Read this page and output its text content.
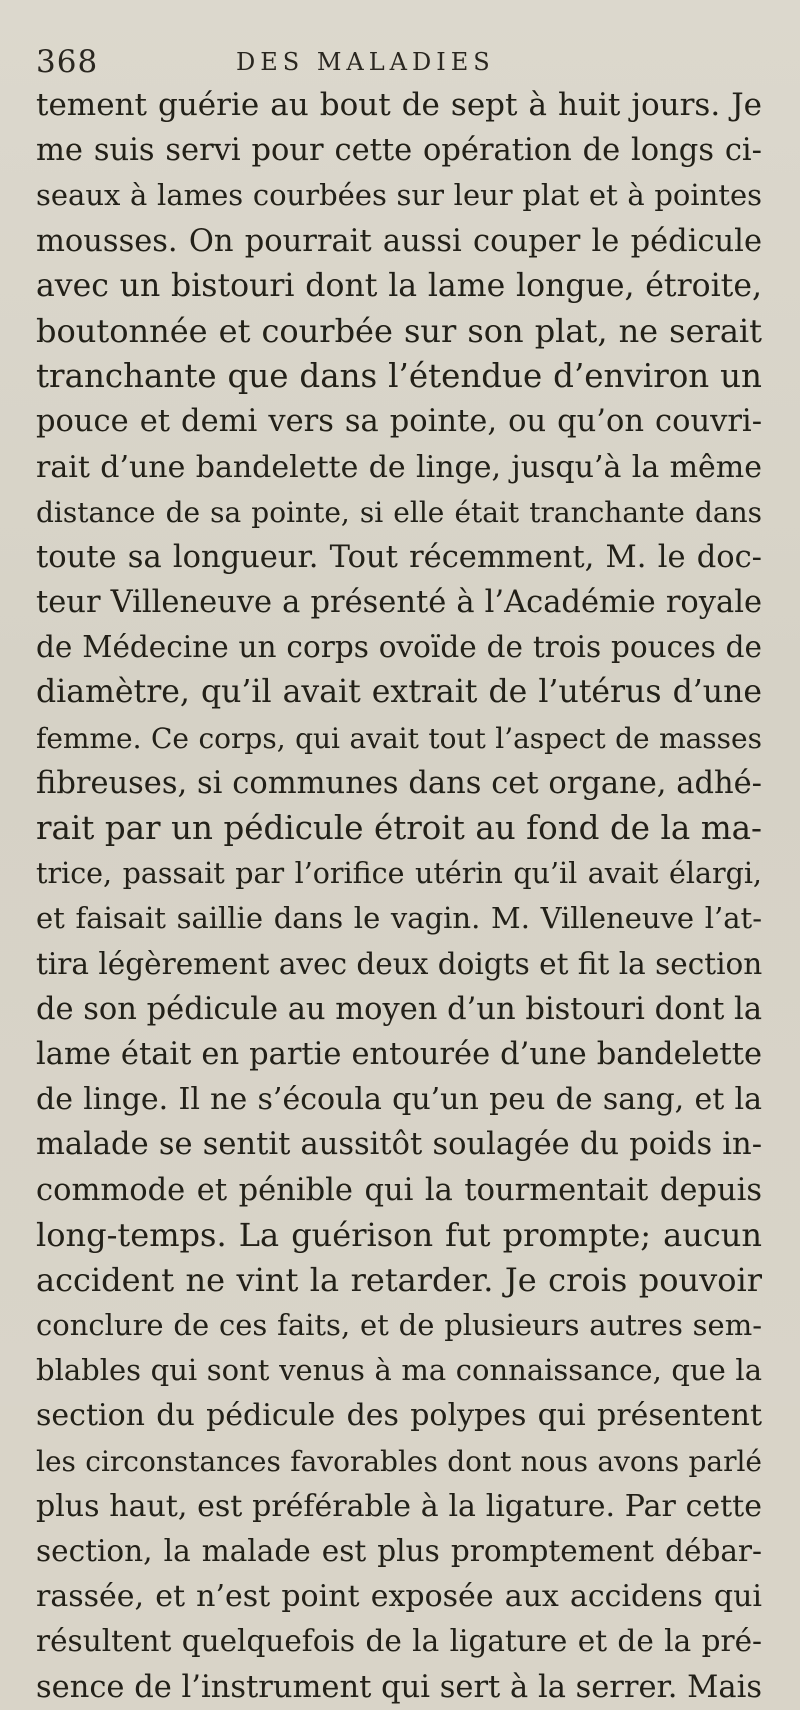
368	DES MALADIES
tement guérie au bout de sept à huit jours. Je
me suis servi pour cette opération de longs ci-
seaux à lames courbées sur leur plat et à pointes
mousses. On pourrait aussi couper le pédicule
avec un bistouri dont la lame longue, étroite,
boutonnée et courbée sur son plat, ne serait
tranchante que dans l’étendue d’environ un
pouce et demi vers sa pointe, ou qu’on couvri-
rait d’une bandelette de linge, jusqu’à la même
distance de sa pointe, si elle était tranchante dans
toute sa longueur. Tout récemment, M. le doc-
teur Villeneuve a présenté à l’Académie royale
de Médecine un corps ovoïde de trois pouces de
diamètre, qu’il avait extrait de l’utérus d’une
femme. Ce corps, qui avait tout l’aspect de masses
fibreuses, si communes dans cet organe, adhé-
rait par un pédicule étroit au fond de la ma-
trice, passait par l’orifice utérin qu’il avait élargi,
et faisait saillie dans le vagin. M. Villeneuve l’at-
tira légèrement avec deux doigts et fit la section
de son pédicule au moyen d’un bistouri dont la
lame était en partie entourée d’une bandelette
de linge. Il ne s’écoula qu’un peu de sang, et la
malade se sentit aussitôt soulagée du poids in-
commode et pénible qui la tourmentait depuis
long-temps. La guérison fut prompte; aucun
accident ne vint la retarder. Je crois pouvoir
conclure de ces faits, et de plusieurs autres sem-
blables qui sont venus à ma connaissance, que la
section du pédicule des polypes qui présentent
les circonstances favorables dont nous avons parlé
plus haut, est préférable à la ligature. Par cette
section, la malade est plus promptement débar-
rassée, et n’est point exposée aux accidens qui
résultent quelquefois de la ligature et de la pré-
sence de l’instrument qui sert à la serrer. Mais
